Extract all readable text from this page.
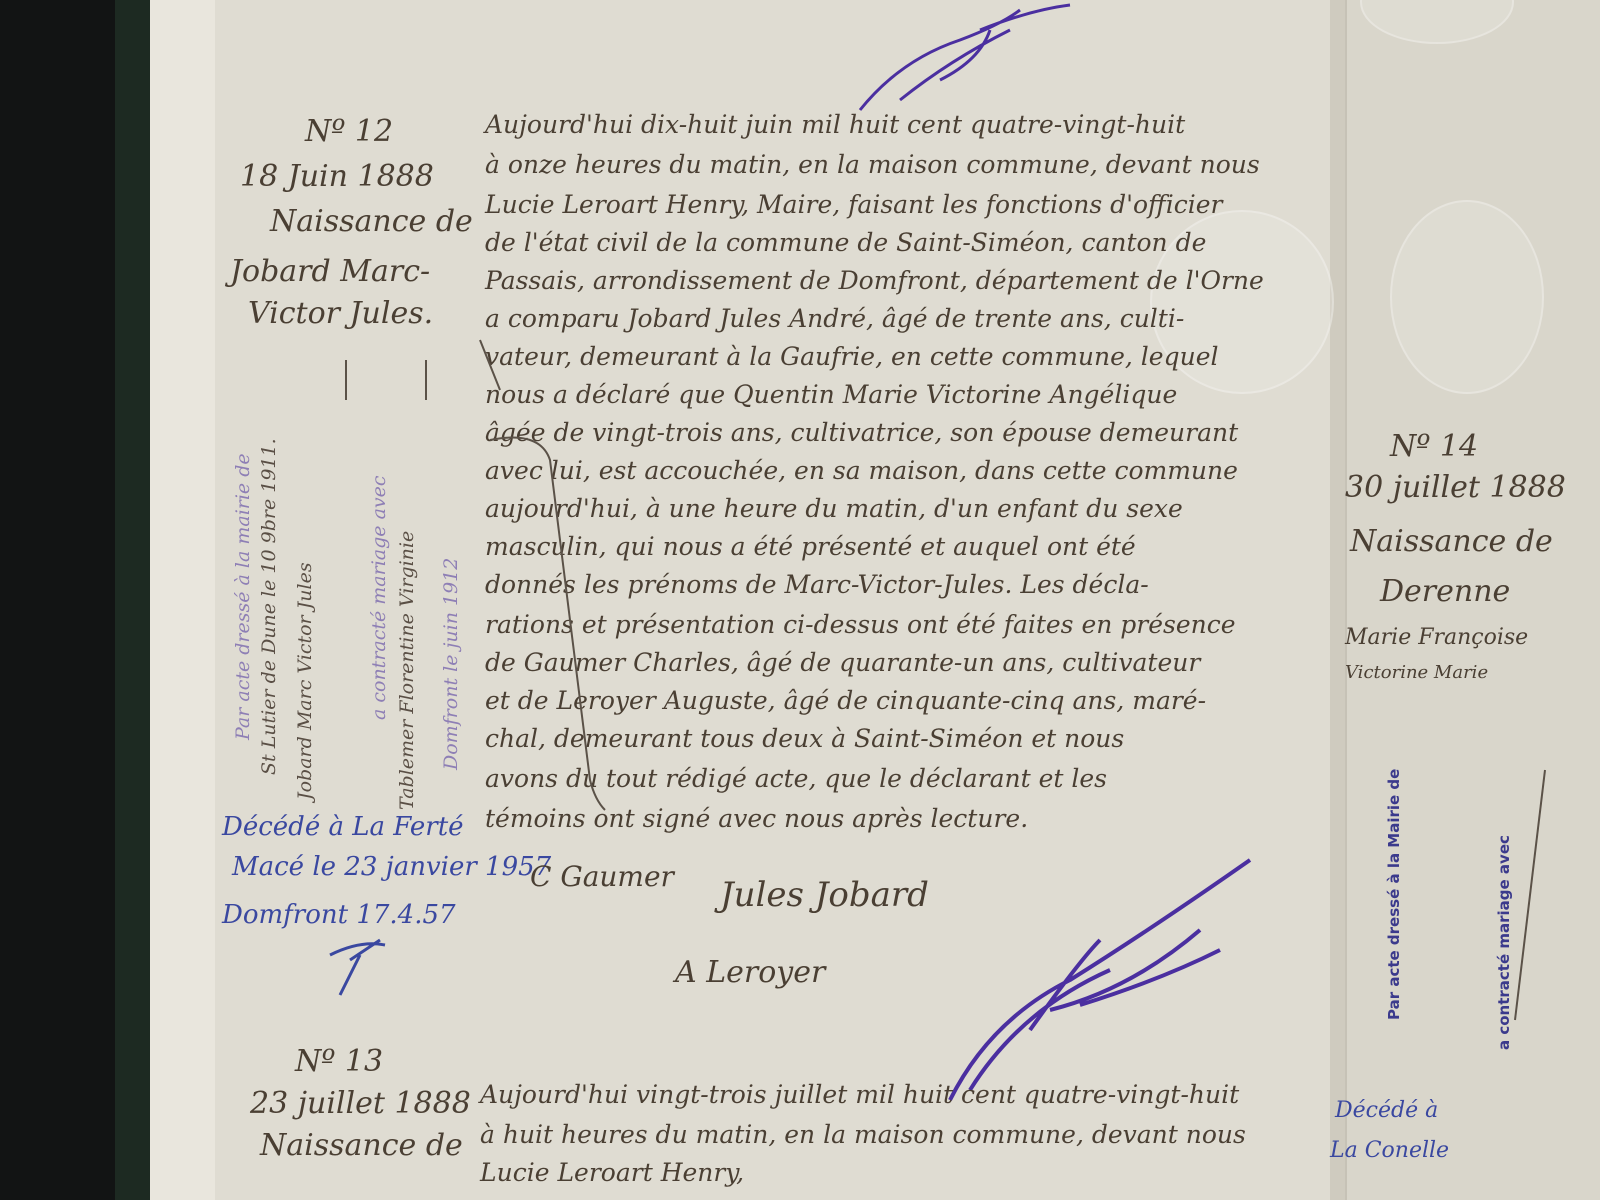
Nº 12
18 Juin 1888
Naissance de
Jobard Marc-
Victor Jules.
Par acte dressé à la mairie de St Lutier de Dune le 10 9bre 1911. Jobard Marc Victor Jules	a contracté mariage avec Tablemer Florentine Virginie Domfront le juin 1912
Décédé à La Ferté
Macé le 23 janvier 1957
Domfront 17.4.57
Aujourd'hui dix-huit juin mil huit cent quatre-vingt-huit
à onze heures du matin, en la maison commune, devant nous
Lucie Leroart Henry, Maire, faisant les fonctions d'officier
de l'état civil de la commune de Saint-Siméon, canton de
Passais, arrondissement de Domfront, département de l'Orne
a comparu Jobard Jules André, âgé de trente ans, culti-
vateur, demeurant à la Gaufrie, en cette commune, lequel
nous a déclaré que Quentin Marie Victorine Angélique
âgée de vingt-trois ans, cultivatrice, son épouse demeurant
avec lui, est accouchée, en sa maison, dans cette commune
aujourd'hui, à une heure du matin, d'un enfant du sexe
masculin, qui nous a été présenté et auquel ont été
donnés les prénoms de Marc-Victor-Jules. Les décla-
rations et présentation ci-dessus ont été faites en présence
de Gaumer Charles, âgé de quarante-un ans, cultivateur
et de Leroyer Auguste, âgé de cinquante-cinq ans, maré-
chal, demeurant tous deux à Saint-Siméon et nous
avons du tout rédigé acte, que le déclarant et les
témoins ont signé avec nous après lecture.
C Gaumer Jules Jobard
A Leroyer
Nº 13
23 juillet 1888
Naissance de
Aujourd'hui vingt-trois juillet mil huit cent quatre-vingt-huit
à huit heures du matin, en la maison commune, devant nous
Lucie Leroart Henry,
Nº 14
30 juillet 1888
Naissance de
Derenne
Marie Françoise
Victorine Marie
Par acte dressé à la Mairie de	a contracté mariage avec
Décédé à
La Conelle
